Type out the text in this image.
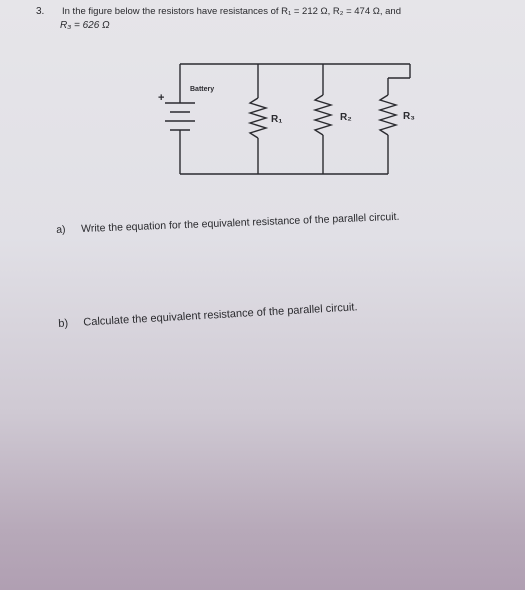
3. In the figure below the resistors have resistances of R₁ = 212 Ω, R₂ = 474 Ω, and
R₃ = 626 Ω
+
Battery
R₁	R₂	R₃
a) Write the equation for the equivalent resistance of the parallel circuit.
b) Calculate the equivalent resistance of the parallel circuit.
